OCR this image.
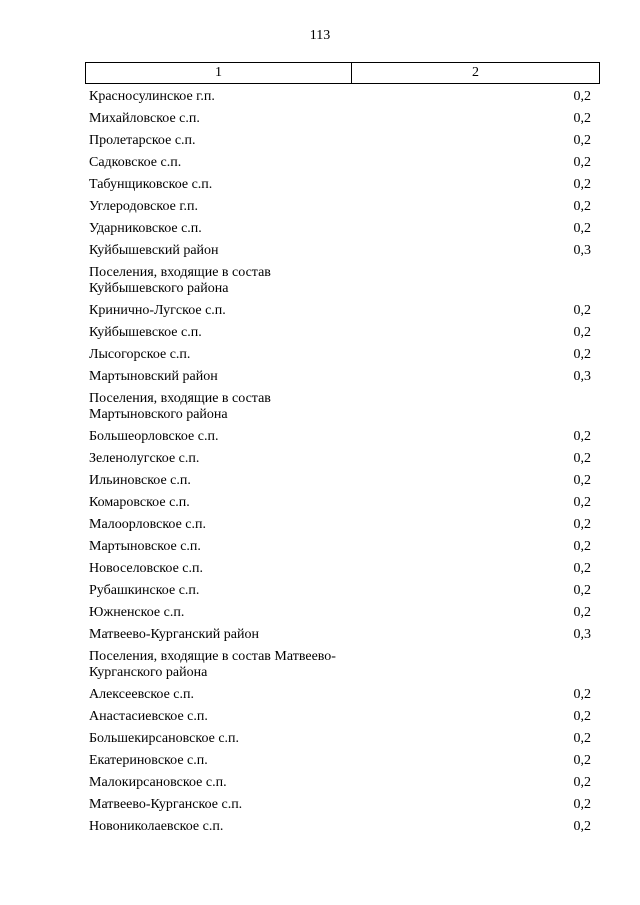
113
1	2
Красносулинское г.п.	0,2
Михайловское с.п.	0,2
Пролетарское с.п.	0,2
Садковское с.п.	0,2
Табунщиковское с.п.	0,2
Углеродовское г.п.	0,2
Ударниковское с.п.	0,2
Куйбышевский район	0,3
Поселения, входящие в состав Куйбышевского района
Кринично-Лугское с.п.	0,2
Куйбышевское с.п.	0,2
Лысогорское с.п.	0,2
Мартыновский район	0,3
Поселения, входящие в состав Мартыновского района
Большеорловское с.п.	0,2
Зеленолугское с.п.	0,2
Ильиновское с.п.	0,2
Комаровское с.п.	0,2
Малоорловское с.п.	0,2
Мартыновское с.п.	0,2
Новоселовское с.п.	0,2
Рубашкинское с.п.	0,2
Южненское с.п.	0,2
Матвеево-Курганский район	0,3
Поселения, входящие в состав Матвеево-Курганского района
Алексеевское с.п.	0,2
Анастасиевское с.п.	0,2
Большекирсановское с.п.	0,2
Екатериновское с.п.	0,2
Малокирсановское с.п.	0,2
Матвеево-Курганское с.п.	0,2
Новониколаевское с.п.	0,2
